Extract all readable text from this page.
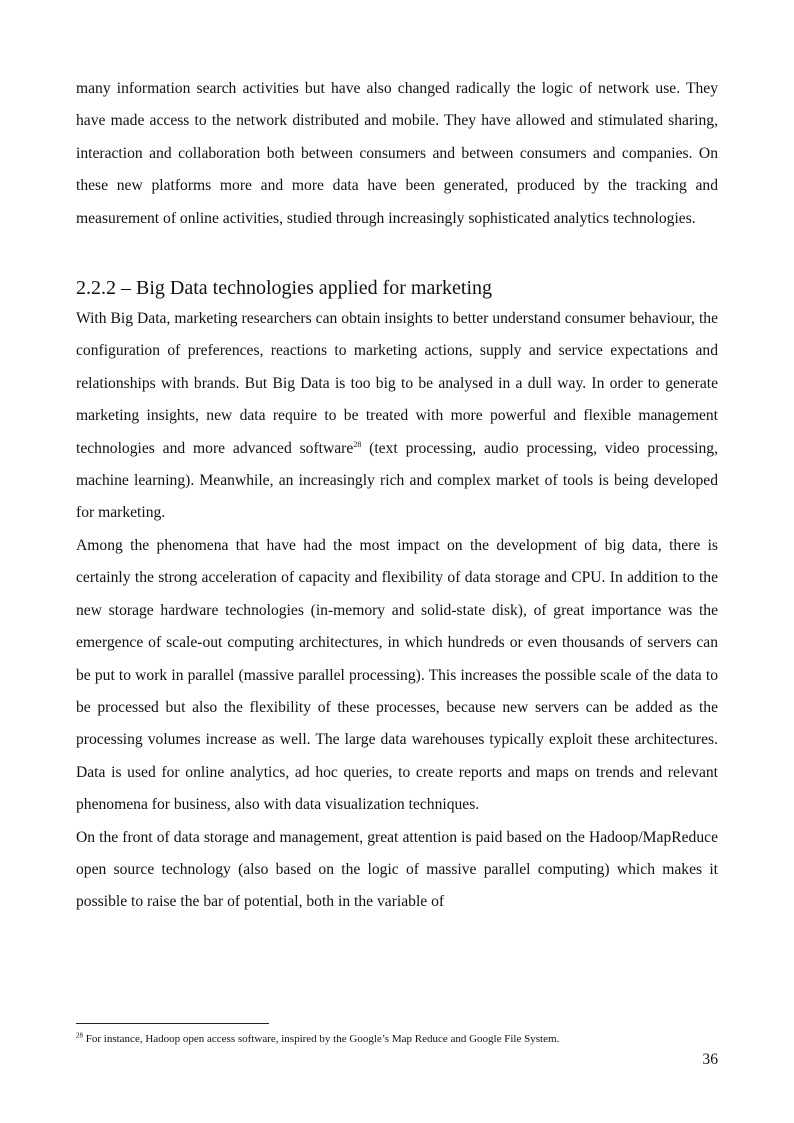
many information search activities but have also changed radically the logic of network use. They have made access to the network distributed and mobile. They have allowed and stimulated sharing, interaction and collaboration both between consumers and between consumers and companies. On these new platforms more and more data have been generated, produced by the tracking and measurement of online activities, studied through increasingly sophisticated analytics technologies.

2.2.2 – Big Data technologies applied for marketing

With Big Data, marketing researchers can obtain insights to better understand consumer behaviour, the configuration of preferences, reactions to marketing actions, supply and service expectations and relationships with brands. But Big Data is too big to be analysed in a dull way. In order to generate marketing insights, new data require to be treated with more powerful and flexible management technologies and more advanced software$^{28}$ (text processing, audio processing, video processing, machine learning). Meanwhile, an increasingly rich and complex market of tools is being developed for marketing.

Among the phenomena that have had the most impact on the development of big data, there is certainly the strong acceleration of capacity and flexibility of data storage and CPU. In addition to the new storage hardware technologies (in-memory and solid-state disk), of great importance was the emergence of scale-out computing architectures, in which hundreds or even thousands of servers can be put to work in parallel (massive parallel processing). This increases the possible scale of the data to be processed but also the flexibility of these processes, because new servers can be added as the processing volumes increase as well. The large data warehouses typically exploit these architectures. Data is used for online analytics, ad hoc queries, to create reports and maps on trends and relevant phenomena for business, also with data visualization techniques.

On the front of data storage and management, great attention is paid based on the Hadoop/MapReduce open source technology (also based on the logic of massive parallel computing) which makes it possible to raise the bar of potential, both in the variable of

$^{28}$ For instance, Hadoop open access software, inspired by the Google’s Map Reduce and Google File System.

36
